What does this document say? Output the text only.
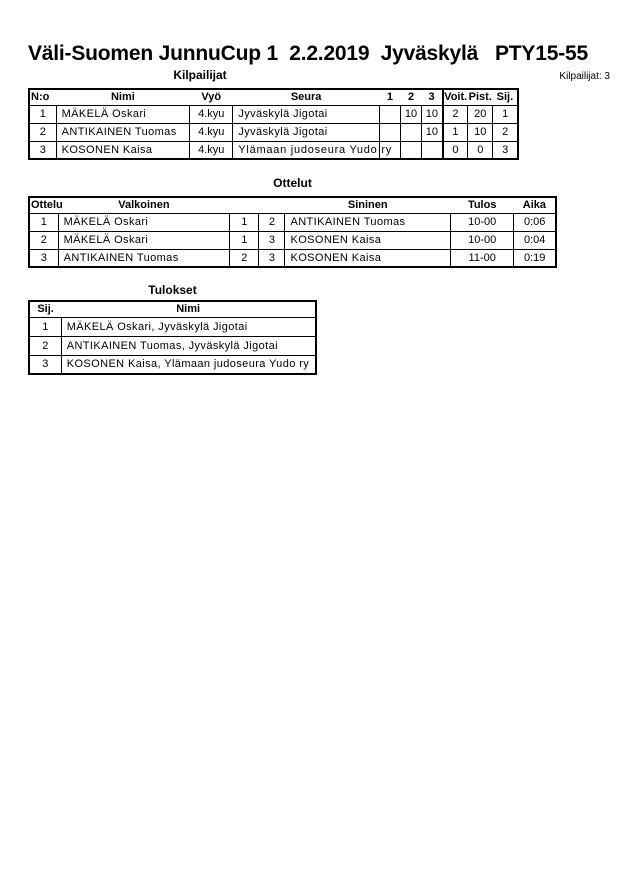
Väli-Suomen JunnuCup 1  2.2.2019  Jyväskylä   PTY15-55
Kilpailijat	Kilpailijat: 3
N:o	Nimi	Vyö	Seura	1	2	3	Voit.	Pist.	Sij.
1	MÄKELÄ Oskari	4.kyu	Jyväskylä Jigotai		10	10	2	20	1
2	ANTIKAINEN Tuomas	4.kyu	Jyväskylä Jigotai			10	1	10	2
3	KOSONEN Kaisa	4.kyu	Ylämaan judoseura Yudo ry				0	0	3
Ottelut
Ottelu	Valkoinen			Sininen	Tulos	Aika
1	MÄKELÄ Oskari	1	2	ANTIKAINEN Tuomas	10-00	0:06
2	MÄKELÄ Oskari	1	3	KOSONEN Kaisa	10-00	0:04
3	ANTIKAINEN Tuomas	2	3	KOSONEN Kaisa	11-00	0:19
Tulokset
Sij.	Nimi
1	MÄKELÄ Oskari, Jyväskylä Jigotai
2	ANTIKAINEN Tuomas, Jyväskylä Jigotai
3	KOSONEN Kaisa, Ylämaan judoseura Yudo ry
